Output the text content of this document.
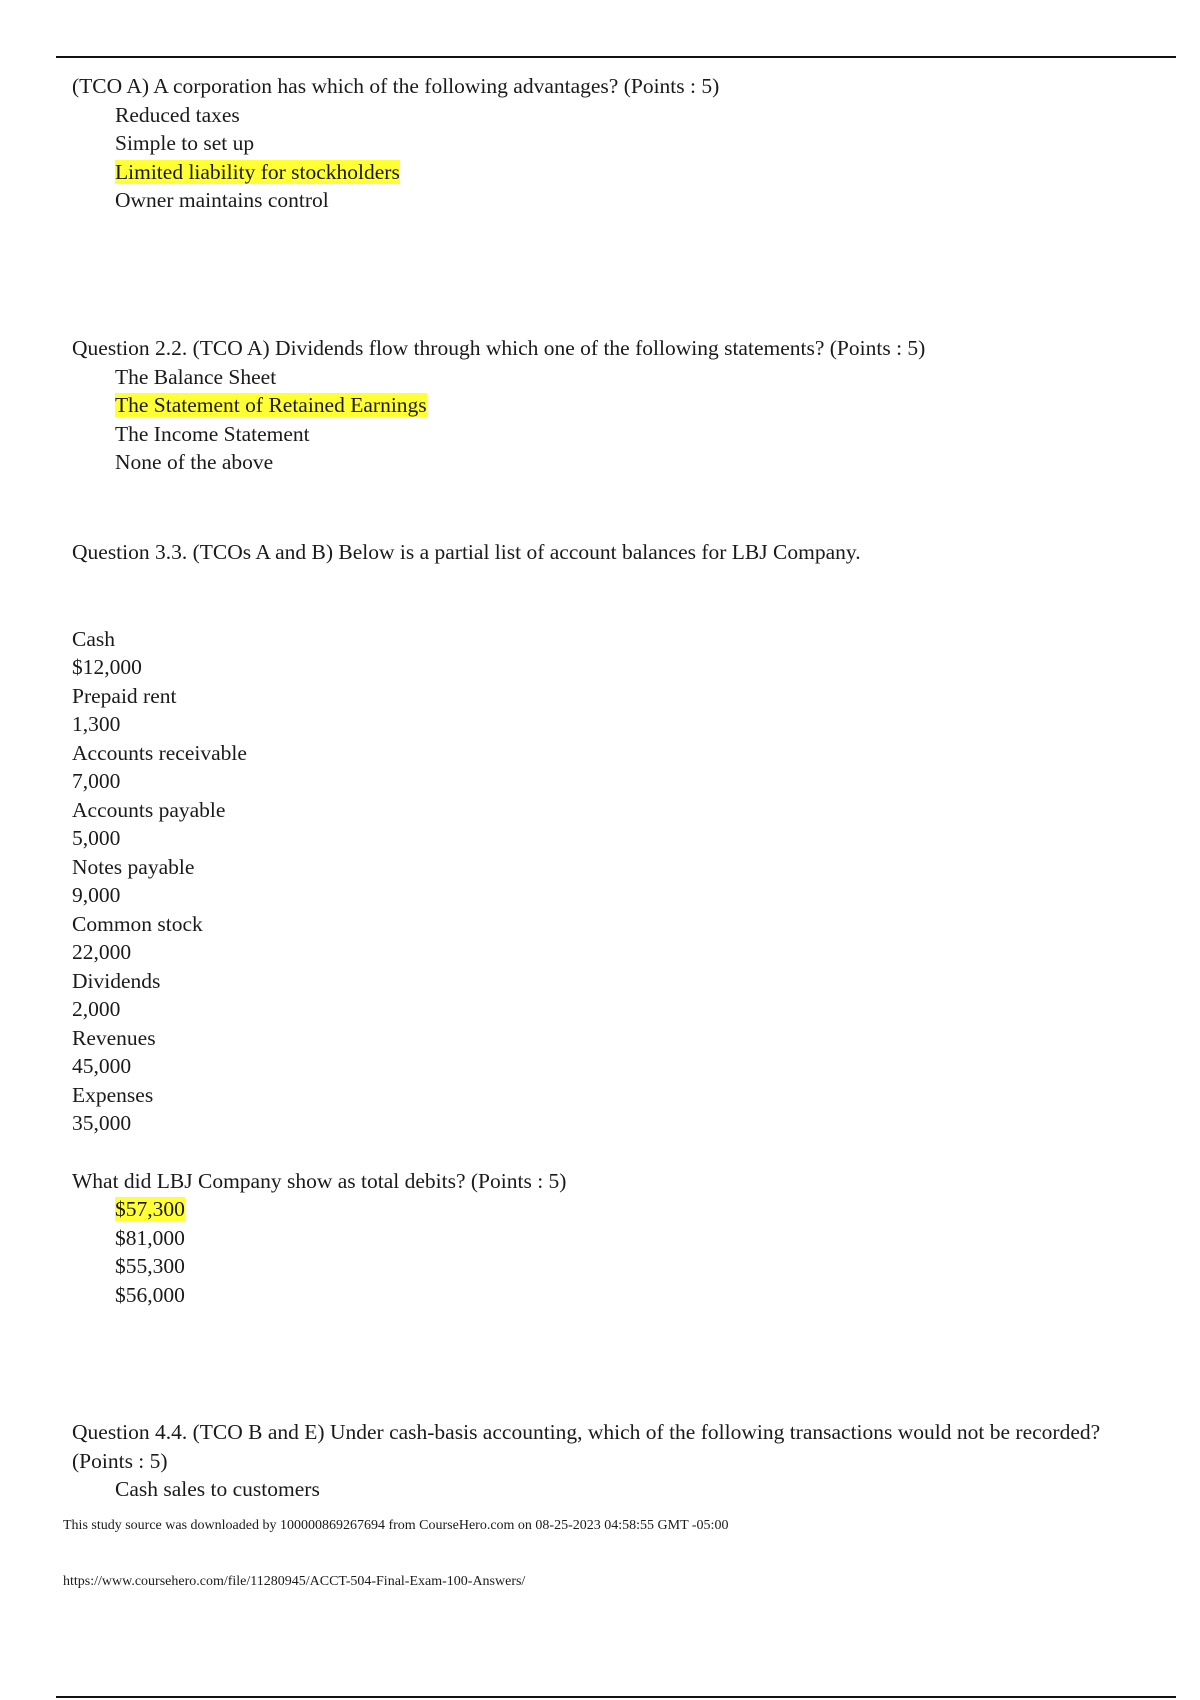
(TCO A) A corporation has which of the following advantages? (Points : 5)

Reduced taxes
Simple to set up
Limited liability for stockholders
Owner maintains control

Question 2.2. (TCO A) Dividends flow through which one of the following statements? (Points : 5)

The Balance Sheet
The Statement of Retained Earnings
The Income Statement
None of the above

Question 3.3. (TCOs A and B) Below is a partial list of account balances for LBJ Company.

Cash
$12,000
Prepaid rent
1,300
Accounts receivable
7,000
Accounts payable
5,000
Notes payable
9,000
Common stock
22,000
Dividends
2,000
Revenues
45,000
Expenses
35,000

What did LBJ Company show as total debits? (Points : 5)

$57,300
$81,000
$55,300
$56,000

Question 4.4. (TCO B and E) Under cash-basis accounting, which of the following transactions would not be recorded? (Points : 5)

Cash sales to customers
This study source was downloaded by 100000869267694 from CourseHero.com on 08-25-2023 04:58:55 GMT -05:00
https://www.coursehero.com/file/11280945/ACCT-504-Final-Exam-100-Answers/
